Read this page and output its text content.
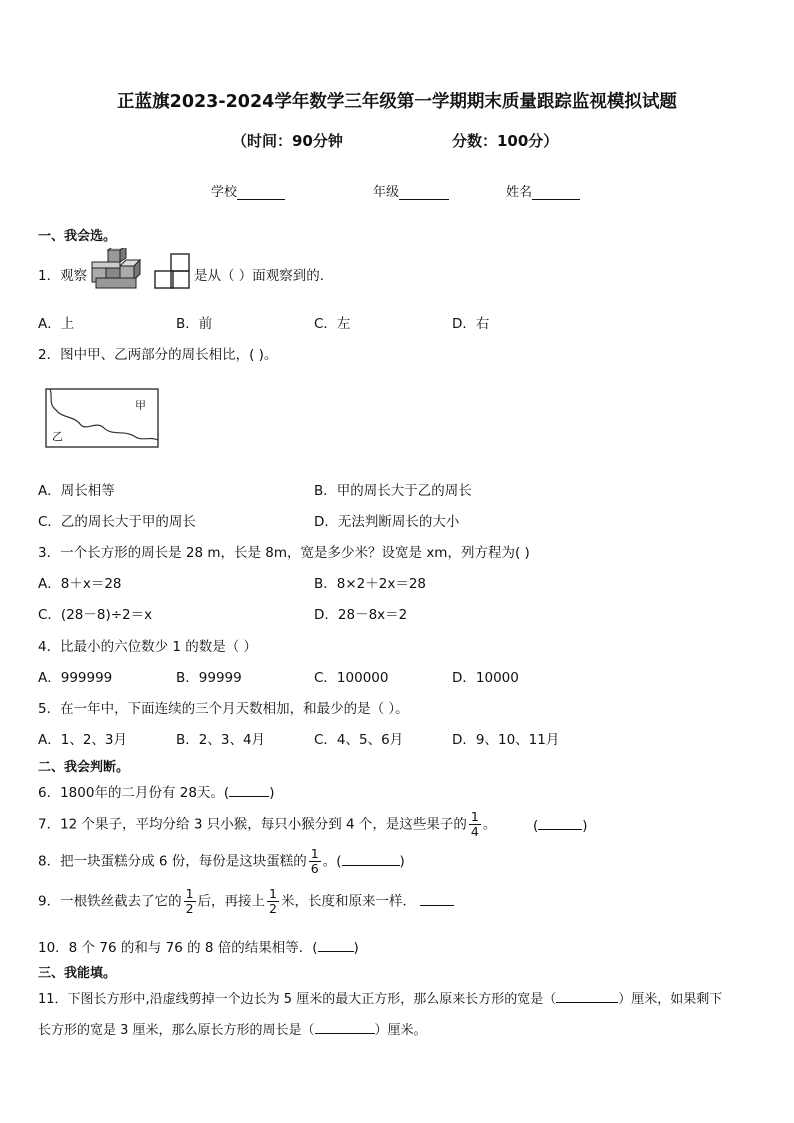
正蓝旗2023-2024学年数学三年级第一学期期末质量跟踪监视模拟试题
（时间：90分钟	分数：100分）
学校	年级	姓名
一、我会选。
1．观察	是从（ ）面观察到的．
A．上	B．前	C．左	D．右
2．图中甲、乙两部分的周长相比，( )。
甲
乙
A．周长相等	B．甲的周长大于乙的周长
C．乙的周长大于甲的周长	D．无法判断周长的大小
3．一个长方形的周长是 28 m，长是 8m，宽是多少米？设宽是 xm，列方程为( )
A．8＋x＝28	B．8×2＋2x＝28
C．(28－8)÷2＝x	D．28－8x＝2
4．比最小的六位数少 1 的数是（ ）
A．999999	B．99999	C．100000	D．10000
5．在一年中，下面连续的三个月天数相加，和最少的是（ ）。
A．1、2、3月	B．2、3、4月	C．4、5、6月	D．9、10、11月
二、我会判断。
6．1800年的二月份有 28天。(	)
7．12 个果子，平均分给 3 只小猴，每只小猴分到 4 个，是这些果子的 $\frac{1}{4}$ 。	(	)
8．把一块蛋糕分成 6 份，每份是这块蛋糕的 $\frac{1}{6}$ 。(	)
9．一根铁丝截去了它的 $\frac{1}{2}$ 后，再接上 $\frac{1}{2}$ 米，长度和原来一样．
10．8 个 76 的和与 76 的 8 倍的结果相等．(	)
三、我能填。
11．下图长方形中,沿虚线剪掉一个边长为 5 厘米的最大正方形，那么原来长方形的宽是（	）厘米，如果剩下
长方形的宽是 3 厘米，那么原长方形的周长是（	）厘米。
